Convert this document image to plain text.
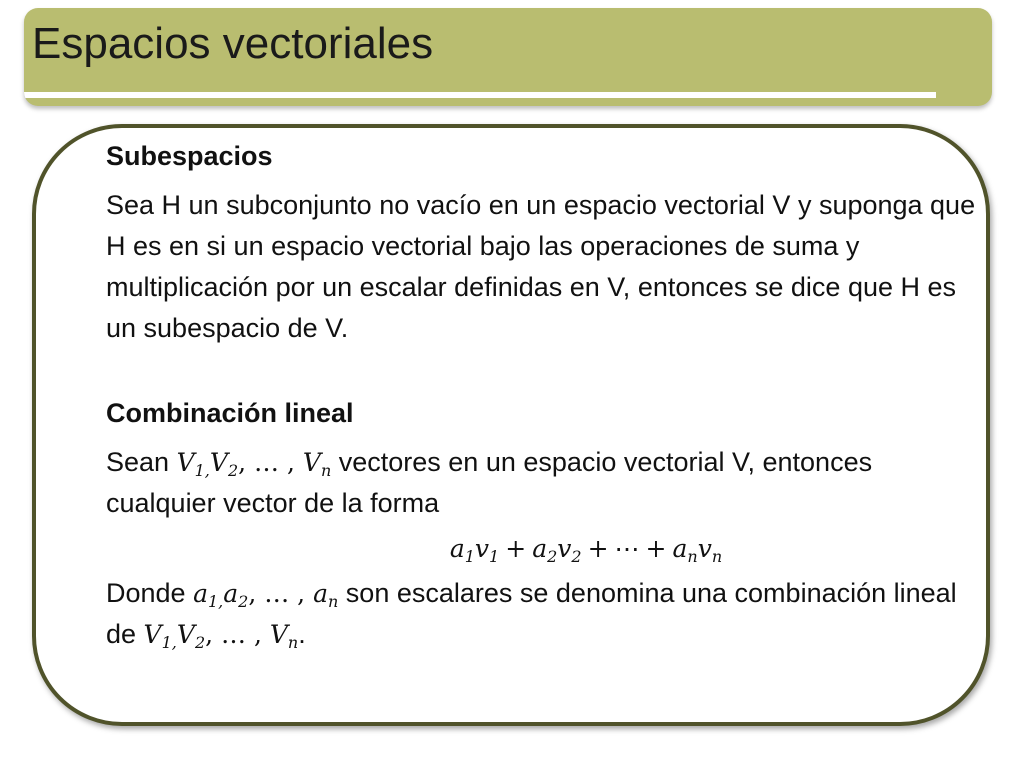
Espacios vectoriales

Subespacios

Sea H un subconjunto no vacío en un espacio vectorial V y suponga que H es en si un espacio vectorial bajo las operaciones de suma y multiplicación por un escalar definidas en V, entonces se dice que H es un subespacio de V.

Combinación lineal

Sean $V_{1,}V_2$, … , $V_n$ vectores en un espacio vectorial V, entonces cualquier vector de la forma

$a_1v_1 + a_2v_2$ + ⋯ + $a_nv_n$

Donde $a_{1,}a_2$, … , $a_n$ son escalares se denomina una combinación lineal de $V_{1,}V_2$, … , $V_n$.
